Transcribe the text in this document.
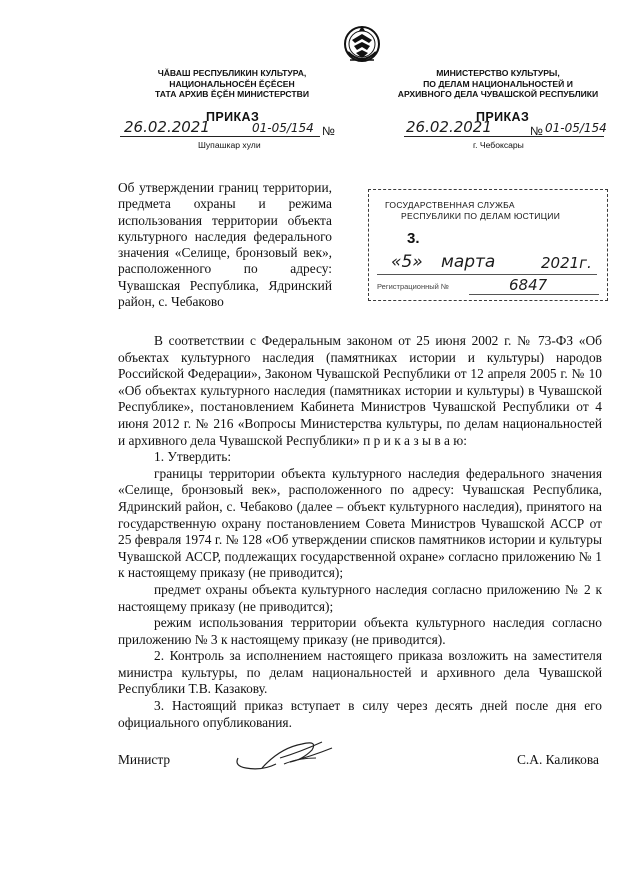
ЧӐВАШ РЕСПУБЛИКИН КУЛЬТУРА,
НАЦИОНАЛЬНОСĔН ĔҪĔСЕН
ТАТА АРХИВ ĔҪĔН МИНИСТЕРСТВИ
МИНИСТЕРСТВО КУЛЬТУРЫ,
ПО ДЕЛАМ НАЦИОНАЛЬНОСТЕЙ И
АРХИВНОГО ДЕЛА ЧУВАШСКОЙ РЕСПУБЛИКИ
ПРИКАЗ	ПРИКАЗ
26.02.2021	01-05/154 №
Шупашкар хули
26.02.2021	№ 01-05/154
г. Чебоксары
Об утверждении границ территории, предмета охраны и режима использования территории объекта культурного наследия федерального значения «Селище, бронзовый век», расположенного по адресу: Чувашская Республика, Ядринский район, с. Чебаково
ГОСУДАРСТВЕННАЯ СЛУЖБА
РЕСПУБЛИКИ ПО ДЕЛАМ ЮСТИЦИИ
3.
«5» марта	2021г.
Регистрационный №	6847

В соответствии с Федеральным законом от 25 июня 2002 г. № 73-ФЗ «Об объектах культурного наследия (памятниках истории и культуры) народов Российской Федерации», Законом Чувашской Республики от 12 апреля 2005 г. № 10 «Об объектах культурного наследия (памятниках истории и культуры) в Чувашской Республике», постановлением Кабинета Министров Чувашской Республики от 4 июня 2012 г. № 216 «Вопросы Министерства культуры, по делам национальностей и архивного дела Чувашской Республики» п р и к а з ы в а ю:

1. Утвердить:

границы территории объекта культурного наследия федерального значения «Селище, бронзовый век», расположенного по адресу: Чувашская Республика, Ядринский район, с. Чебаково (далее – объект культурного наследия), принятого на государственную охрану постановлением Совета Министров Чувашской АССР от 25 февраля 1974 г. № 128 «Об утверждении списков памятников истории и культуры Чувашской АССР, подлежащих государственной охране» согласно приложению № 1 к настоящему приказу (не приводится);

предмет охраны объекта культурного наследия согласно приложению № 2 к настоящему приказу (не приводится);

режим использования территории объекта культурного наследия согласно приложению № 3 к настоящему приказу (не приводится).

2. Контроль за исполнением настоящего приказа возложить на заместителя министра культуры, по делам национальностей и архивного дела Чувашской Республики Т.В. Казакову.

3. Настоящий приказ вступает в силу через десять дней после дня его официального опубликования.

Министр	С.А. Каликова
